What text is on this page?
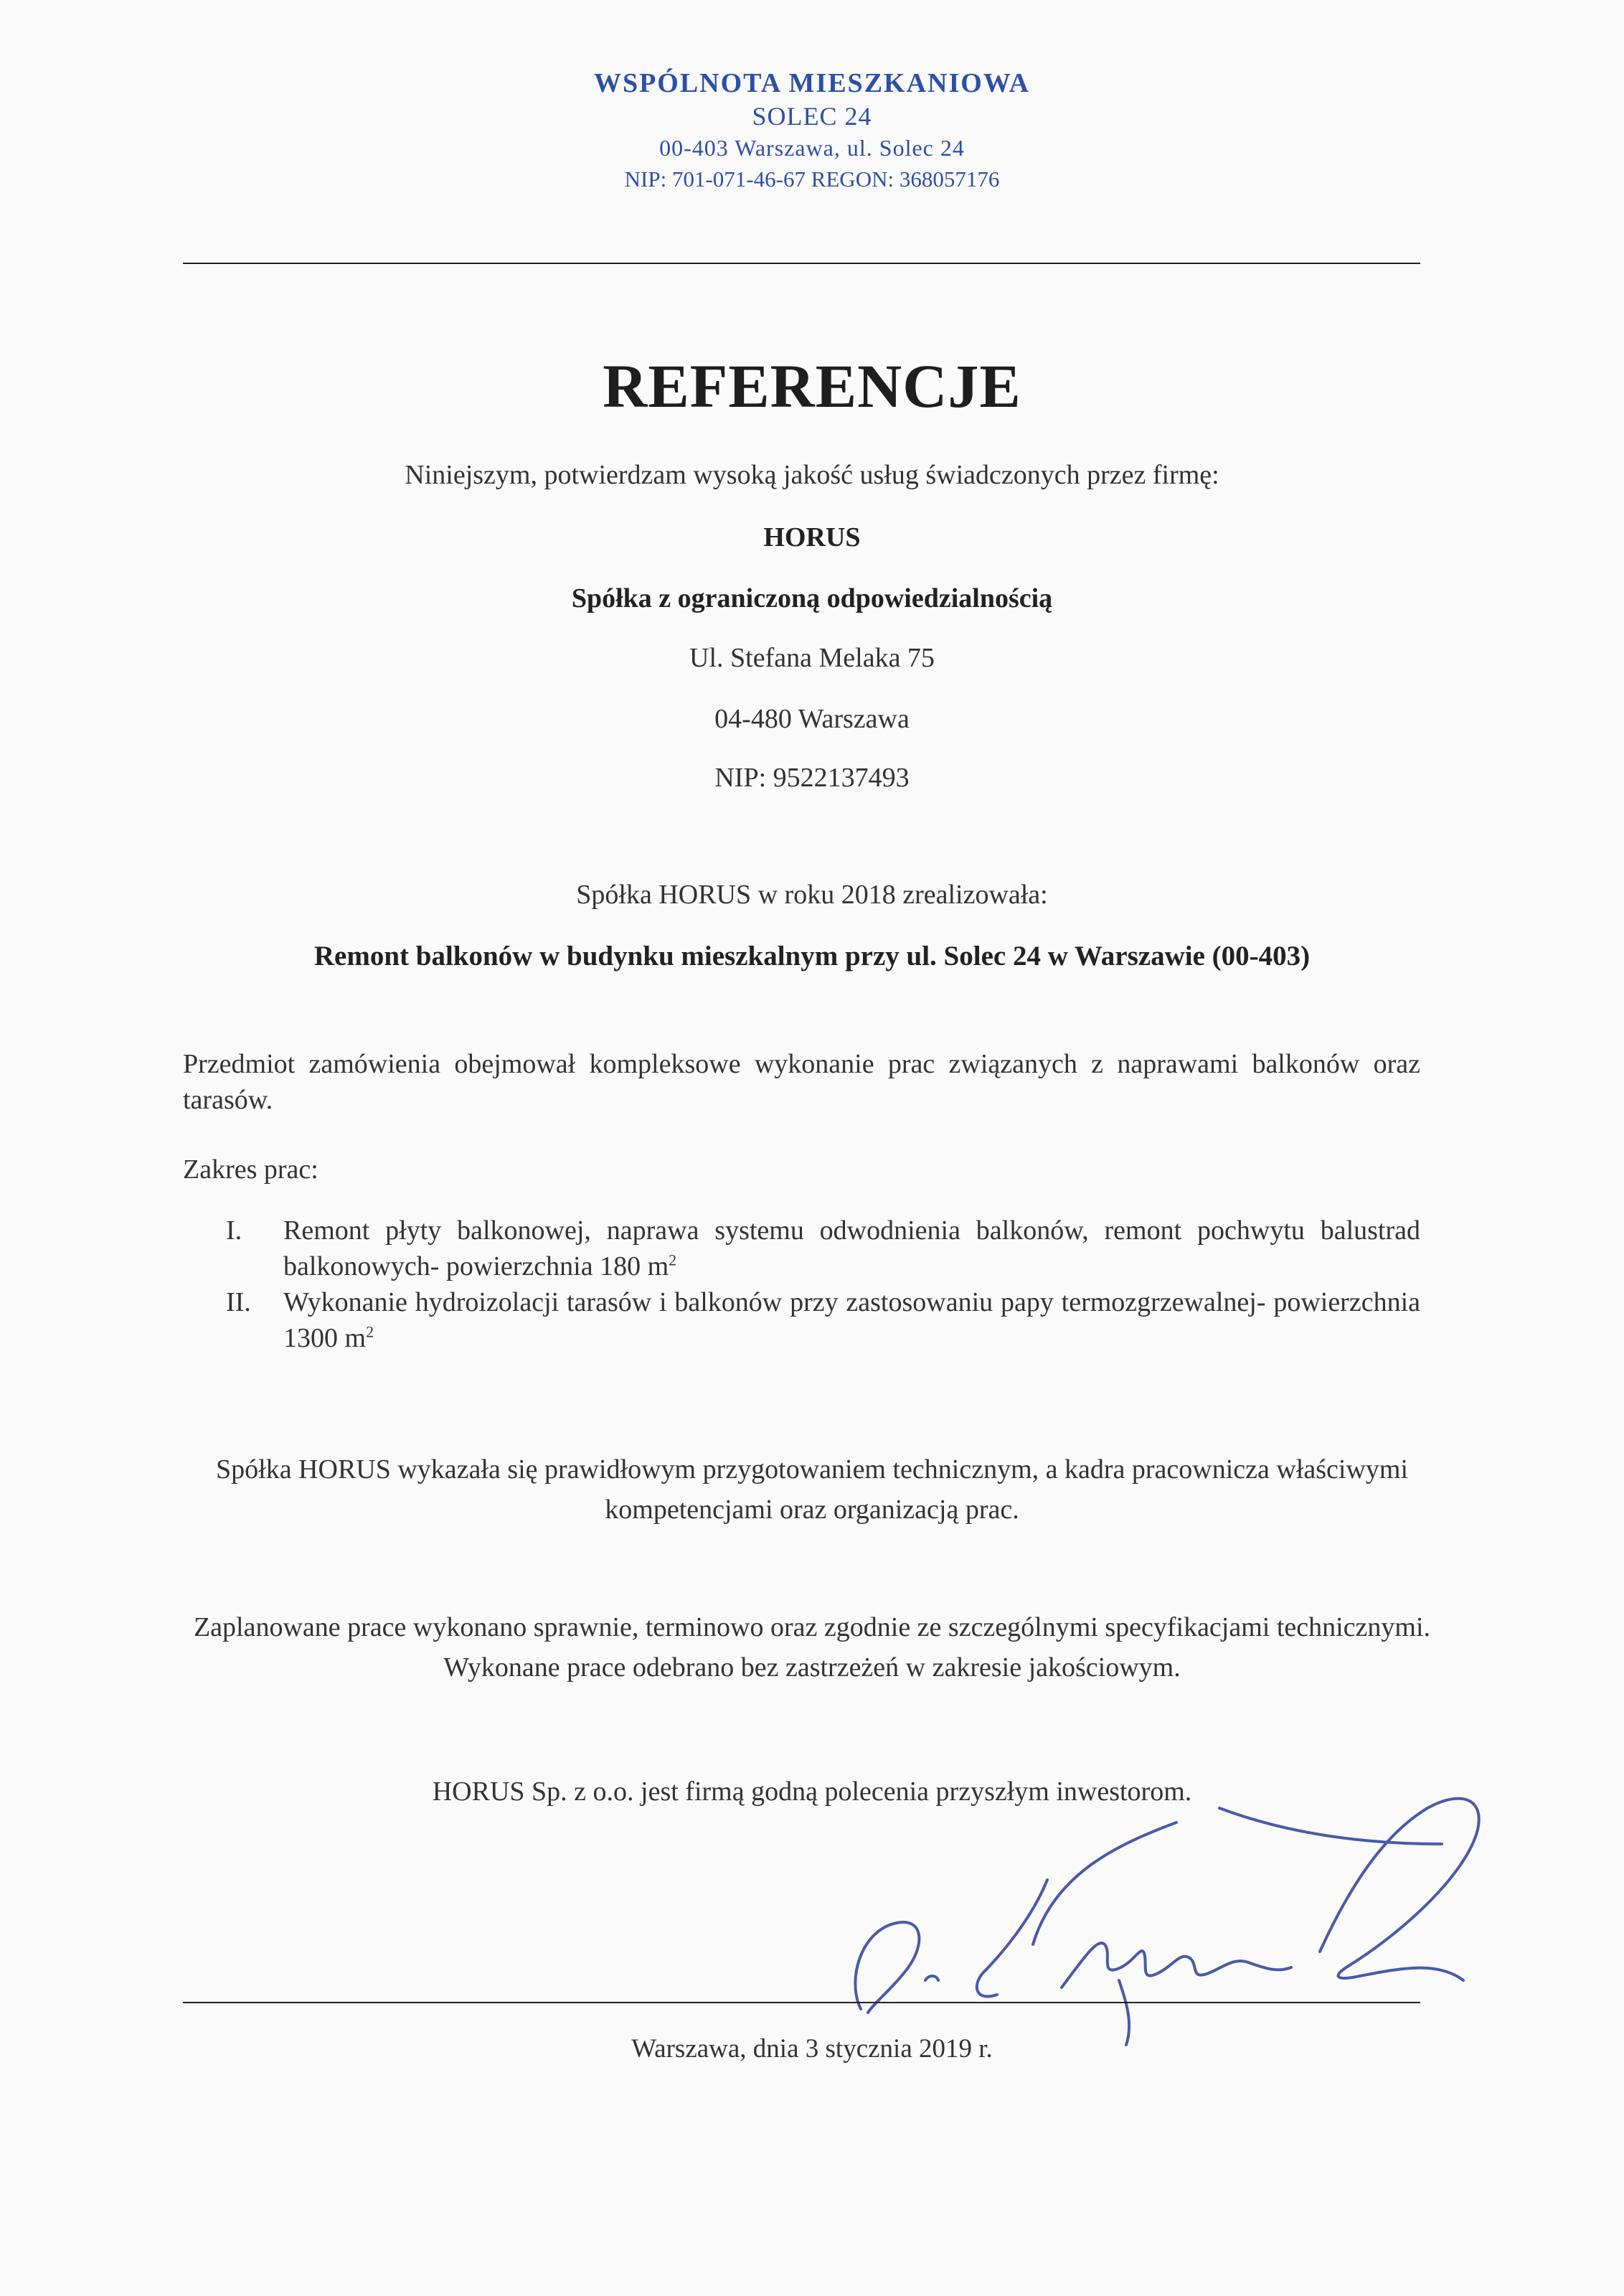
WSPÓLNOTA MIESZKANIOWA
SOLEC 24
00-403 Warszawa, ul. Solec 24
NIP: 701-071-46-67 REGON: 368057176
REFERENCJE

Niniejszym, potwierdzam wysoką jakość usług świadczonych przez firmę:

HORUS

Spółka z ograniczoną odpowiedzialnością

Ul. Stefana Melaka 75

04-480 Warszawa

NIP: 9522137493

Spółka HORUS w roku 2018 zrealizowała:

Remont balkonów w budynku mieszkalnym przy ul. Solec 24 w Warszawie (00-403)

Przedmiot zamówienia obejmował kompleksowe wykonanie prac związanych z naprawami balkonów oraz tarasów.

Zakres prac:

I. Remont płyty balkonowej, naprawa systemu odwodnienia balkonów, remont pochwytu balustrad balkonowych- powierzchnia 180 $m^2$
II. Wykonanie hydroizolacji tarasów i balkonów przy zastosowaniu papy termozgrzewalnej- powierzchnia 1300 $m^2$

Spółka HORUS wykazała się prawidłowym przygotowaniem technicznym, a kadra pracownicza właściwymi kompetencjami oraz organizacją prac.

Zaplanowane prace wykonano sprawnie, terminowo oraz zgodnie ze szczególnymi specyfikacjami technicznymi. Wykonane prace odebrano bez zastrzeżeń w zakresie jakościowym.

HORUS Sp. z o.o. jest firmą godną polecenia przyszłym inwestorom.

Warszawa, dnia 3 stycznia 2019 r.
